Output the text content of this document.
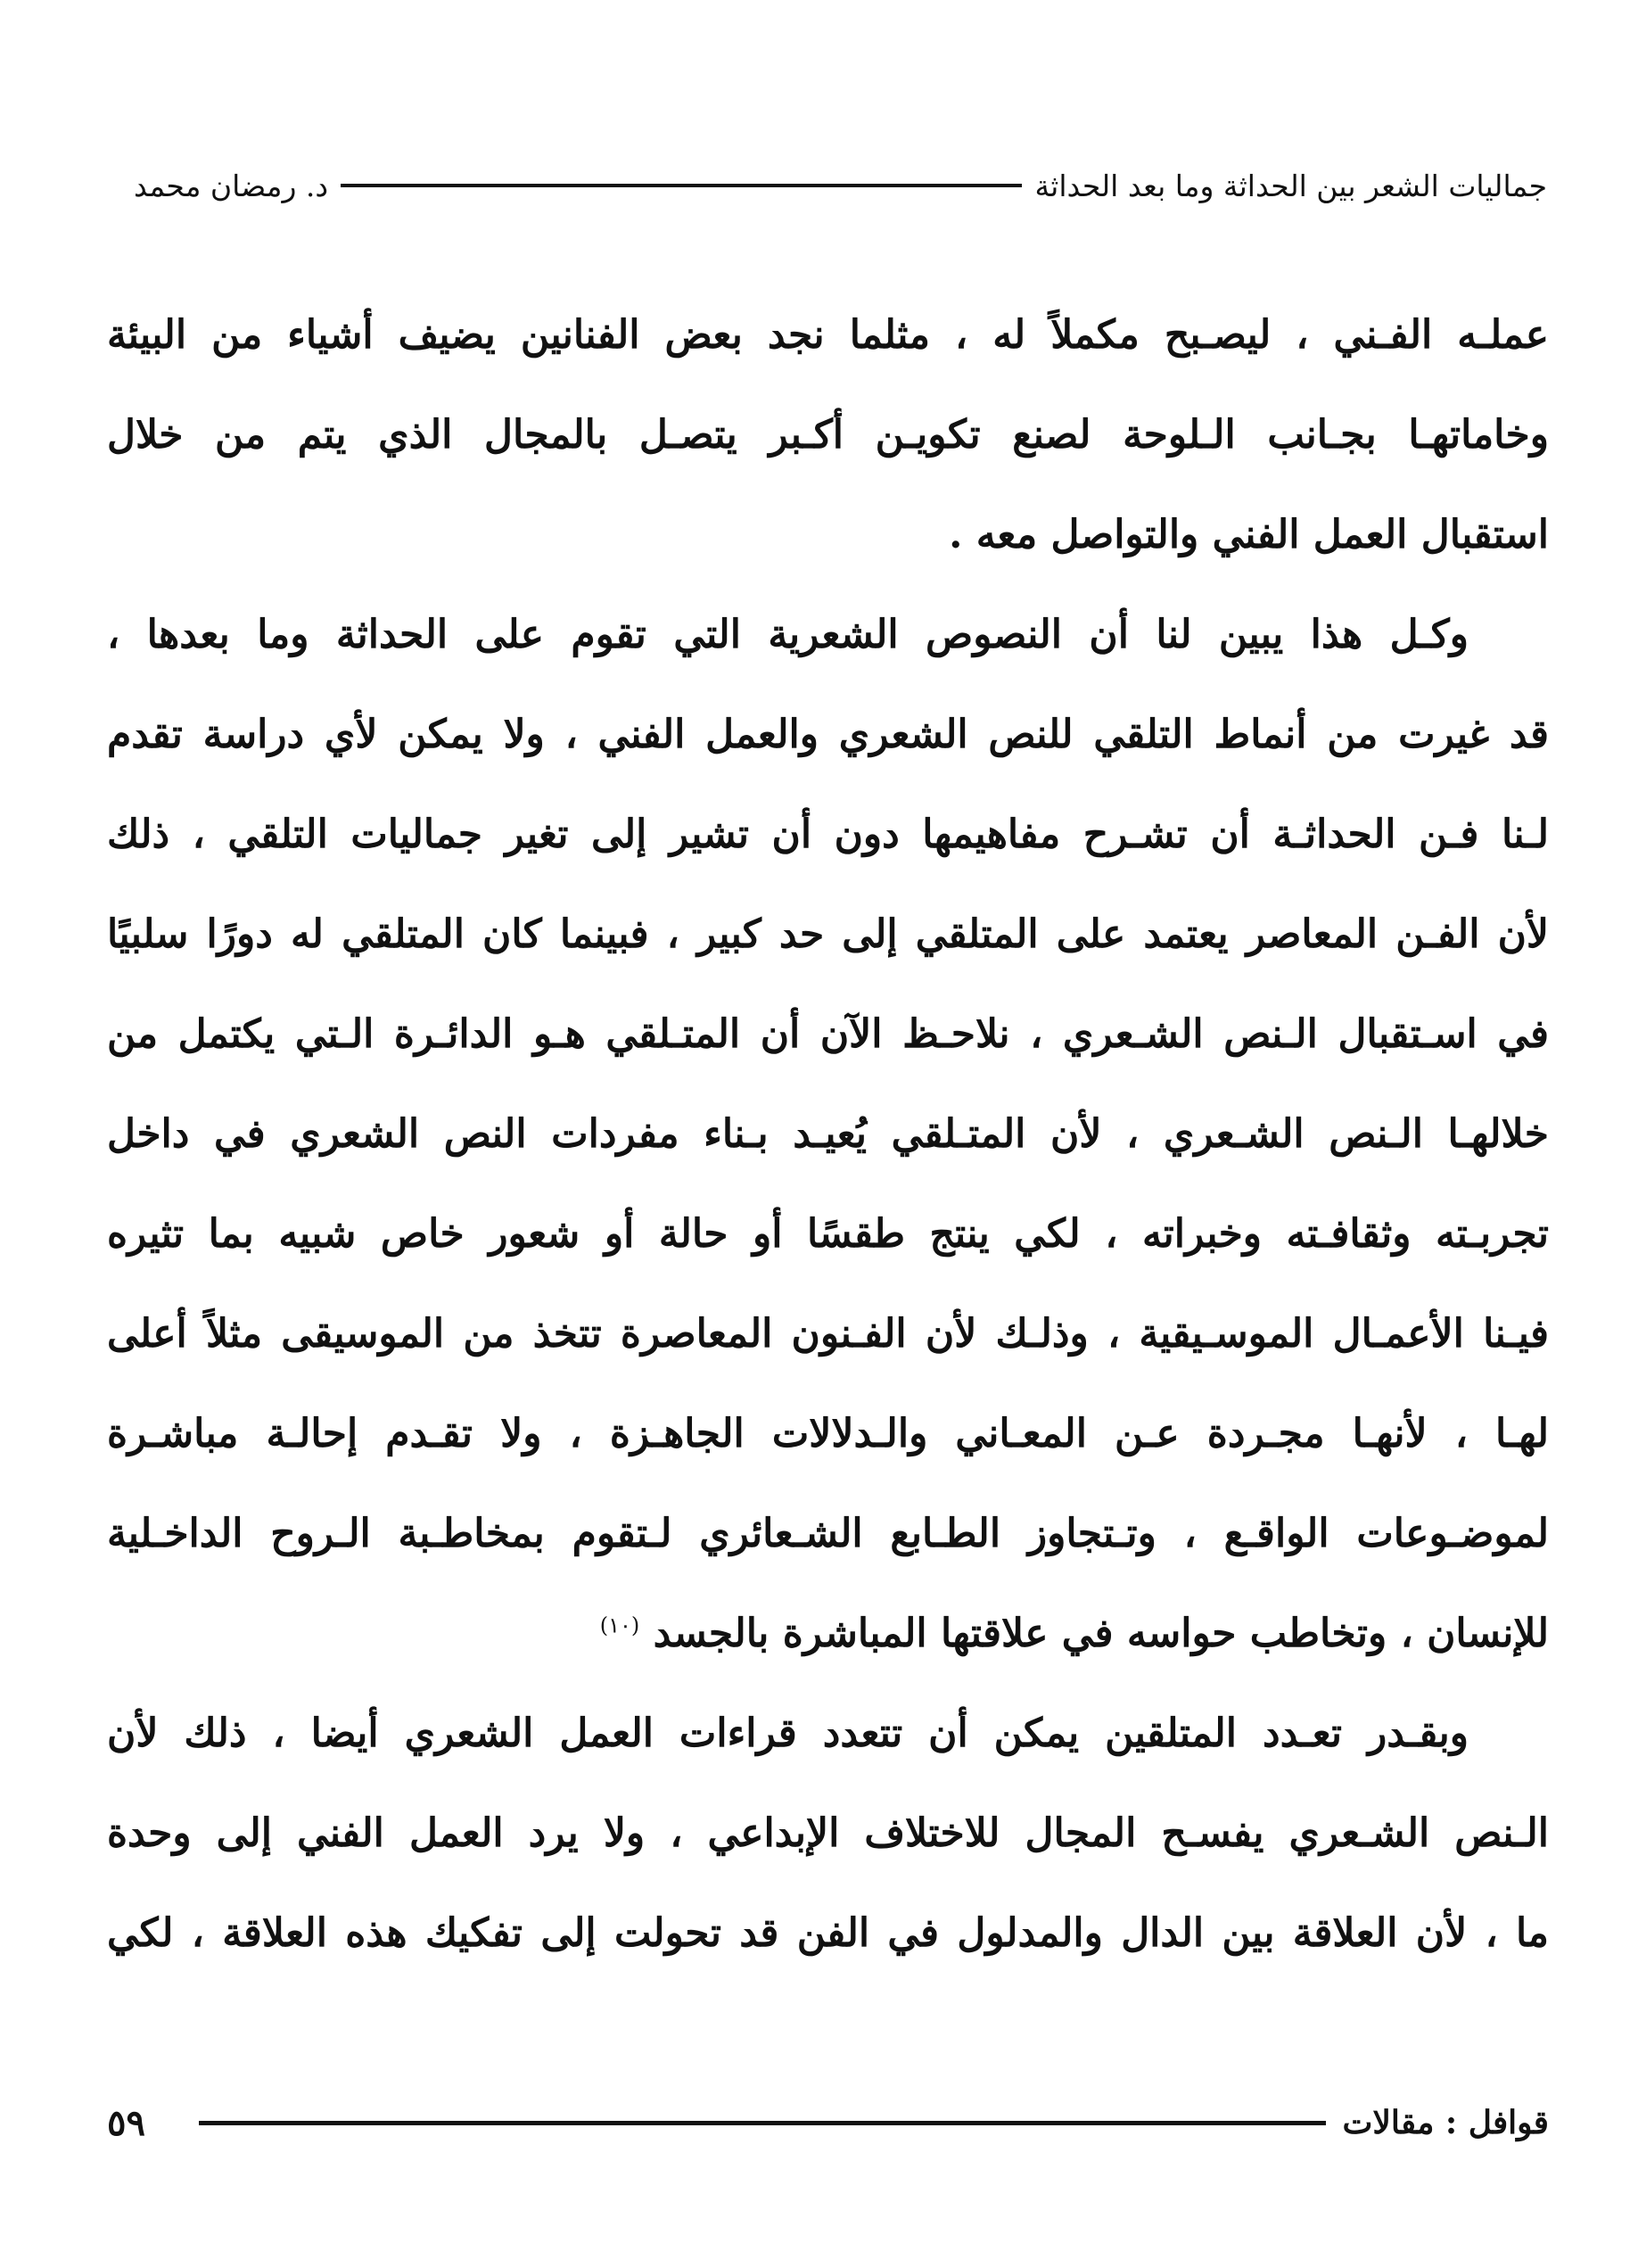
جماليات الشعر بين الحداثة وما بعد الحداثة
د. رمضان محمد
عملـه الفـني ، ليصـبح مكملاً له ، مثلما نجد بعض الفنانين يضيف أشياء من البيئة
وخاماتهـا بجـانب الـلوحة لصنع تكويـن أكـبر يتصـل بالمجال الذي يتم من خلال
استقبال العمل الفني والتواصل معه .
وكـل هذا يبين لنا أن النصوص الشعرية التي تقوم على الحداثة وما بعدها ،
قد غيرت من أنماط التلقي للنص الشعري والعمل الفني ، ولا يمكن لأي دراسة تقدم
لـنا فـن الحداثـة أن تشـرح مفاهيمها دون أن تشير إلى تغير جماليات التلقي ، ذلك
لأن الفـن المعاصر يعتمد على المتلقي إلى حد كبير ، فبينما كان المتلقي له دورًا سلبيًا
في اسـتقبال الـنص الشـعري ، نلاحـظ الآن أن المتـلقي هـو الدائـرة الـتي يكتمل من
خلالهـا الـنص الشـعري ، لأن المتـلقي يُعيـد بـناء مفردات النص الشعري في داخل
تجربـته وثقافـته وخبراته ، لكي ينتج طقسًا أو حالة أو شعور خاص شبيه بما تثيره
فيـنا الأعمـال الموسـيقية ، وذلـك لأن الفـنون المعاصرة تتخذ من الموسيقى مثلاً أعلى
لهـا ، لأنهـا مجـردة عـن المعـاني والـدلالات الجاهـزة ، ولا تقـدم إحالـة مباشـرة
لموضـوعات الواقـع ، وتـتجاوز الطـابع الشـعائري لـتقوم بمخاطـبة الـروح الداخـلية
للإنسان ، وتخاطب حواسه في علاقتها المباشرة بالجسد $^{(١٠)}$
وبقـدر تعـدد المتلقين يمكن أن تتعدد قراءات العمل الشعري أيضا ، ذلك لأن
الـنص الشـعري يفسـح المجال للاختلاف الإبداعي ، ولا يرد العمل الفني إلى وحدة
ما ، لأن العلاقة بين الدال والمدلول في الفن قد تحولت إلى تفكيك هذه العلاقة ، لكي
قوافل : مقالات
٥٩
